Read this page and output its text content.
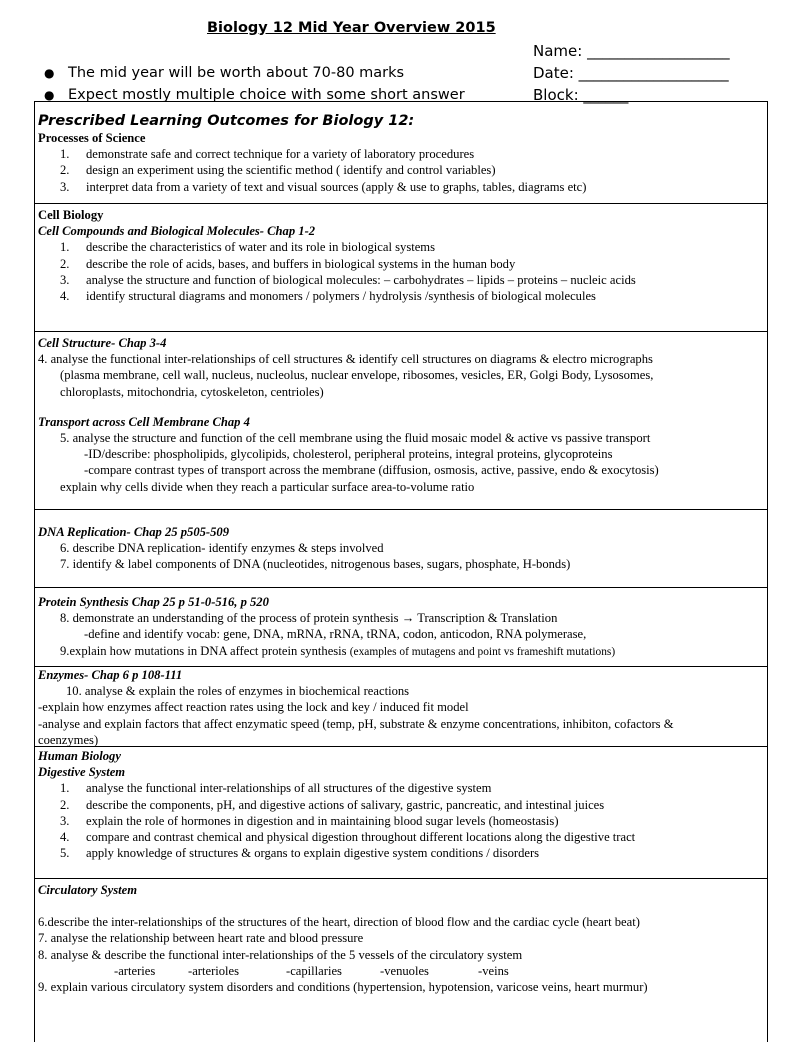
Biology 12 Mid Year Overview 2015
● The mid year will be worth about 70-80 marks
● Expect mostly multiple choice with some short answer
Name: ___________________
Date: ____________________
Block: ______
Prescribed Learning Outcomes for Biology 12:
Processes of Science
1. demonstrate safe and correct technique for a variety of laboratory procedures
2. design an experiment using the scientific method ( identify and control variables)
3. interpret data from a variety of text and visual sources (apply & use to graphs, tables, diagrams etc)
Cell Biology
Cell Compounds and Biological Molecules- Chap 1-2
1. describe the characteristics of water and its role in biological systems
2. describe the role of acids, bases, and buffers in biological systems in the human body
3. analyse the structure and function of biological molecules: – carbohydrates – lipids – proteins – nucleic acids
4. identify structural diagrams and monomers / polymers / hydrolysis /synthesis of biological molecules
Cell Structure- Chap 3-4
4. analyse the functional inter-relationships of cell structures & identify cell structures on diagrams & electro micrographs
(plasma membrane, cell wall, nucleus, nucleolus, nuclear envelope, ribosomes, vesicles, ER, Golgi Body, Lysosomes,
chloroplasts, mitochondria, cytoskeleton, centrioles)
Transport across Cell Membrane Chap 4
5. analyse the structure and function of the cell membrane using the fluid mosaic model & active vs passive transport
-ID/describe: phospholipids, glycolipids, cholesterol, peripheral proteins, integral proteins, glycoproteins
-compare contrast types of transport across the membrane (diffusion, osmosis, active, passive, endo & exocytosis)
explain why cells divide when they reach a particular surface area-to-volume ratio
DNA Replication- Chap 25 p505-509
6. describe DNA replication- identify enzymes & steps involved
7. identify & label components of DNA (nucleotides, nitrogenous bases, sugars, phosphate, H-bonds)
Protein Synthesis Chap 25 p 51-0-516, p 520
8. demonstrate an understanding of the process of protein synthesis → Transcription & Translation
-define and identify vocab: gene, DNA, mRNA, rRNA, tRNA, codon, anticodon, RNA polymerase,
9.explain how mutations in DNA affect protein synthesis (examples of mutagens and point vs frameshift mutations)
Enzymes- Chap 6 p 108-111
10. analyse & explain the roles of enzymes in biochemical reactions
-explain how enzymes affect reaction rates using the lock and key / induced fit model
-analyse and explain factors that affect enzymatic speed (temp, pH, substrate & enzyme concentrations, inhibiton, cofactors &
coenzymes)
Human Biology
Digestive System
1. analyse the functional inter-relationships of all structures of the digestive system
2. describe the components, pH, and digestive actions of salivary, gastric, pancreatic, and intestinal juices
3. explain the role of hormones in digestion and in maintaining blood sugar levels (homeostasis)
4. compare and contrast chemical and physical digestion throughout different locations along the digestive tract
5. apply knowledge of structures & organs to explain digestive system conditions / disorders
Circulatory System
6.describe the inter-relationships of the structures of the heart, direction of blood flow and the cardiac cycle (heart beat)
7. analyse the relationship between heart rate and blood pressure
8. analyse & describe the functional inter-relationships of the 5 vessels of the circulatory system
-arteries	-arterioles	-capillaries	-venuoles	-veins
9. explain various circulatory system disorders and conditions (hypertension, hypotension, varicose veins, heart murmur)
